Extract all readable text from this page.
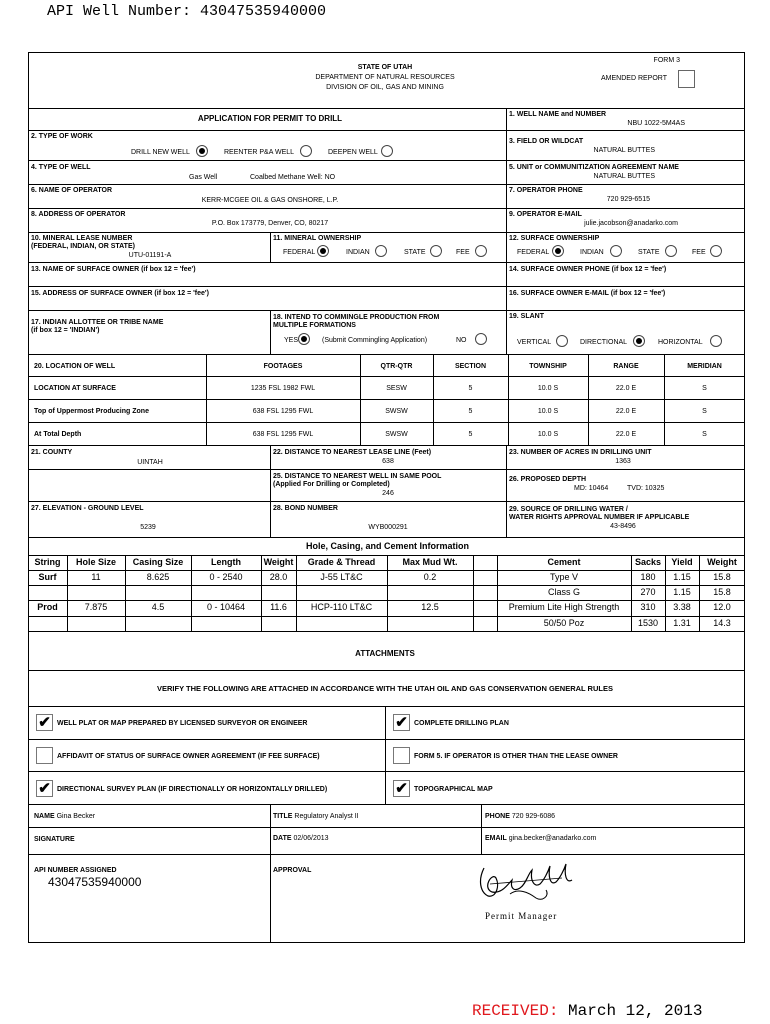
API Well Number: 43047535940000
FORM 3
STATE OF UTAH
DEPARTMENT OF NATURAL RESOURCES
DIVISION OF OIL, GAS AND MINING
AMENDED REPORT
APPLICATION FOR PERMIT TO DRILL	1. WELL NAME and NUMBER
NBU 1022-5M4AS
2. TYPE OF WORK
DRILL NEW WELL	REENTER P&A WELL	DEEPEN WELL
3. FIELD OR WILDCAT
NATURAL BUTTES
4. TYPE OF WELL
Gas Well	Coalbed Methane Well: NO
5. UNIT or COMMUNITIZATION AGREEMENT NAME
NATURAL BUTTES
6. NAME OF OPERATOR
KERR-MCGEE OIL & GAS ONSHORE, L.P.
7. OPERATOR PHONE
720 929-6515
8. ADDRESS OF OPERATOR
P.O. Box 173779, Denver, CO, 80217
9. OPERATOR E-MAIL
julie.jacobson@anadarko.com
10. MINERAL LEASE NUMBER
(FEDERAL, INDIAN, OR STATE)
UTU-01191-A
11. MINERAL OWNERSHIP
FEDERAL	INDIAN	STATE	FEE
12. SURFACE OWNERSHIP
FEDERAL	INDIAN	STATE	FEE
13. NAME OF SURFACE OWNER (if box 12 = 'fee')	14. SURFACE OWNER PHONE (if box 12 = 'fee')
15. ADDRESS OF SURFACE OWNER (if box 12 = 'fee')	16. SURFACE OWNER E-MAIL (if box 12 = 'fee')
17. INDIAN ALLOTTEE OR TRIBE NAME
(if box 12 = 'INDIAN')
18. INTEND TO COMMINGLE PRODUCTION FROM
MULTIPLE FORMATIONS
YES	(Submit Commingling Application)	NO
19. SLANT
VERTICAL	DIRECTIONAL	HORIZONTAL
20. LOCATION OF WELL	FOOTAGES	QTR-QTR	SECTION	TOWNSHIP	RANGE	MERIDIAN
LOCATION AT SURFACE	1235 FSL 1982 FWL	SESW	5	10.0 S	22.0 E	S
Top of Uppermost Producing Zone	638 FSL 1295 FWL	SWSW	5	10.0 S	22.0 E	S
At Total Depth	638 FSL 1295 FWL	SWSW	5	10.0 S	22.0 E	S
21. COUNTY
UINTAH
22. DISTANCE TO NEAREST LEASE LINE (Feet)
638
23. NUMBER OF ACRES IN DRILLING UNIT
1363
25. DISTANCE TO NEAREST WELL IN SAME POOL
(Applied For Drilling or Completed)
246
26. PROPOSED DEPTH
MD: 10464	TVD: 10325
27. ELEVATION - GROUND LEVEL
5239
28. BOND NUMBER
WYB000291
29. SOURCE OF DRILLING WATER /
WATER RIGHTS APPROVAL NUMBER IF APPLICABLE
43-8496
Hole, Casing, and Cement Information
String	Hole Size	Casing Size	Length	Weight	Grade & Thread	Max Mud Wt.	Cement	Sacks	Yield	Weight
Surf	11	8.625	0 - 2540	28.0	J-55 LT&C	0.2	Type V	180	1.15	15.8
Class G	270	1.15	15.8
Prod	7.875	4.5	0 - 10464	11.6	HCP-110 LT&C	12.5	Premium Lite High Strength	310	3.38	12.0
50/50 Poz	1530	1.31	14.3
ATTACHMENTS
VERIFY THE FOLLOWING ARE ATTACHED IN ACCORDANCE WITH THE UTAH OIL AND GAS CONSERVATION GENERAL RULES
✔ WELL PLAT OR MAP PREPARED BY LICENSED SURVEYOR OR ENGINEER	✔ COMPLETE DRILLING PLAN
AFFIDAVIT OF STATUS OF SURFACE OWNER AGREEMENT (IF FEE SURFACE)	FORM 5. IF OPERATOR IS OTHER THAN THE LEASE OWNER
✔ DIRECTIONAL SURVEY PLAN (IF DIRECTIONALLY OR HORIZONTALLY DRILLED)	✔ TOPOGRAPHICAL MAP
NAME Gina Becker	TITLE Regulatory Analyst II	PHONE 720 929-6086
SIGNATURE	DATE 02/06/2013	EMAIL gina.becker@anadarko.com
API NUMBER ASSIGNED
43047535940000
APPROVAL
Permit Manager
RECEIVED: March 12, 2013
